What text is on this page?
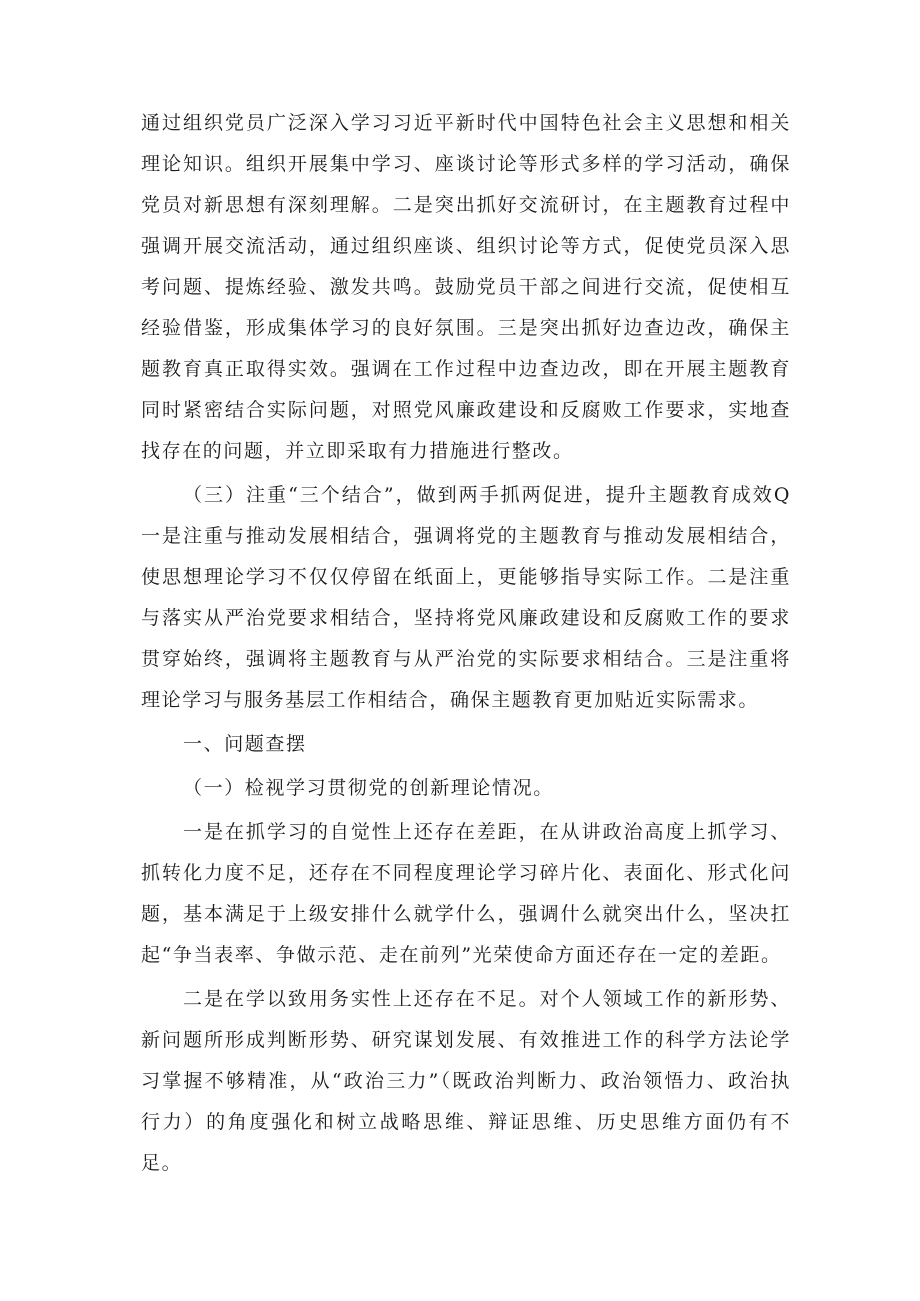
通过组织党员广泛深入学习习近平新时代中国特色社会主义思想和相关理论知识。组织开展集中学习、座谈讨论等形式多样的学习活动，确保党员对新思想有深刻理解。二是突出抓好交流研讨，在主题教育过程中强调开展交流活动，通过组织座谈、组织讨论等方式，促使党员深入思考问题、提炼经验、激发共鸣。鼓励党员干部之间进行交流，促使相互经验借鉴，形成集体学习的良好氛围。三是突出抓好边查边改，确保主题教育真正取得实效。强调在工作过程中边查边改，即在开展主题教育同时紧密结合实际问题，对照党风廉政建设和反腐败工作要求，实地查找存在的问题，并立即采取有力措施进行整改。

（三）注重“三个结合”，做到两手抓两促进，提升主题教育成效Q一是注重与推动发展相结合，强调将党的主题教育与推动发展相结合，使思想理论学习不仅仅停留在纸面上，更能够指导实际工作。二是注重与落实从严治党要求相结合，坚持将党风廉政建设和反腐败工作的要求贯穿始终，强调将主题教育与从严治党的实际要求相结合。三是注重将理论学习与服务基层工作相结合，确保主题教育更加贴近实际需求。

一、问题查摆

（一）检视学习贯彻党的创新理论情况。

一是在抓学习的自觉性上还存在差距，在从讲政治高度上抓学习、抓转化力度不足，还存在不同程度理论学习碎片化、表面化、形式化问题，基本满足于上级安排什么就学什么，强调什么就突出什么，坚决扛起“争当表率、争做示范、走在前列”光荣使命方面还存在一定的差距。

二是在学以致用务实性上还存在不足。对个人领域工作的新形势、新问题所形成判断形势、研究谋划发展、有效推进工作的科学方法论学习掌握不够精准，从“政治三力”（既政治判断力、政治领悟力、政治执行力）的角度强化和树立战略思维、辩证思维、历史思维方面仍有不足。
